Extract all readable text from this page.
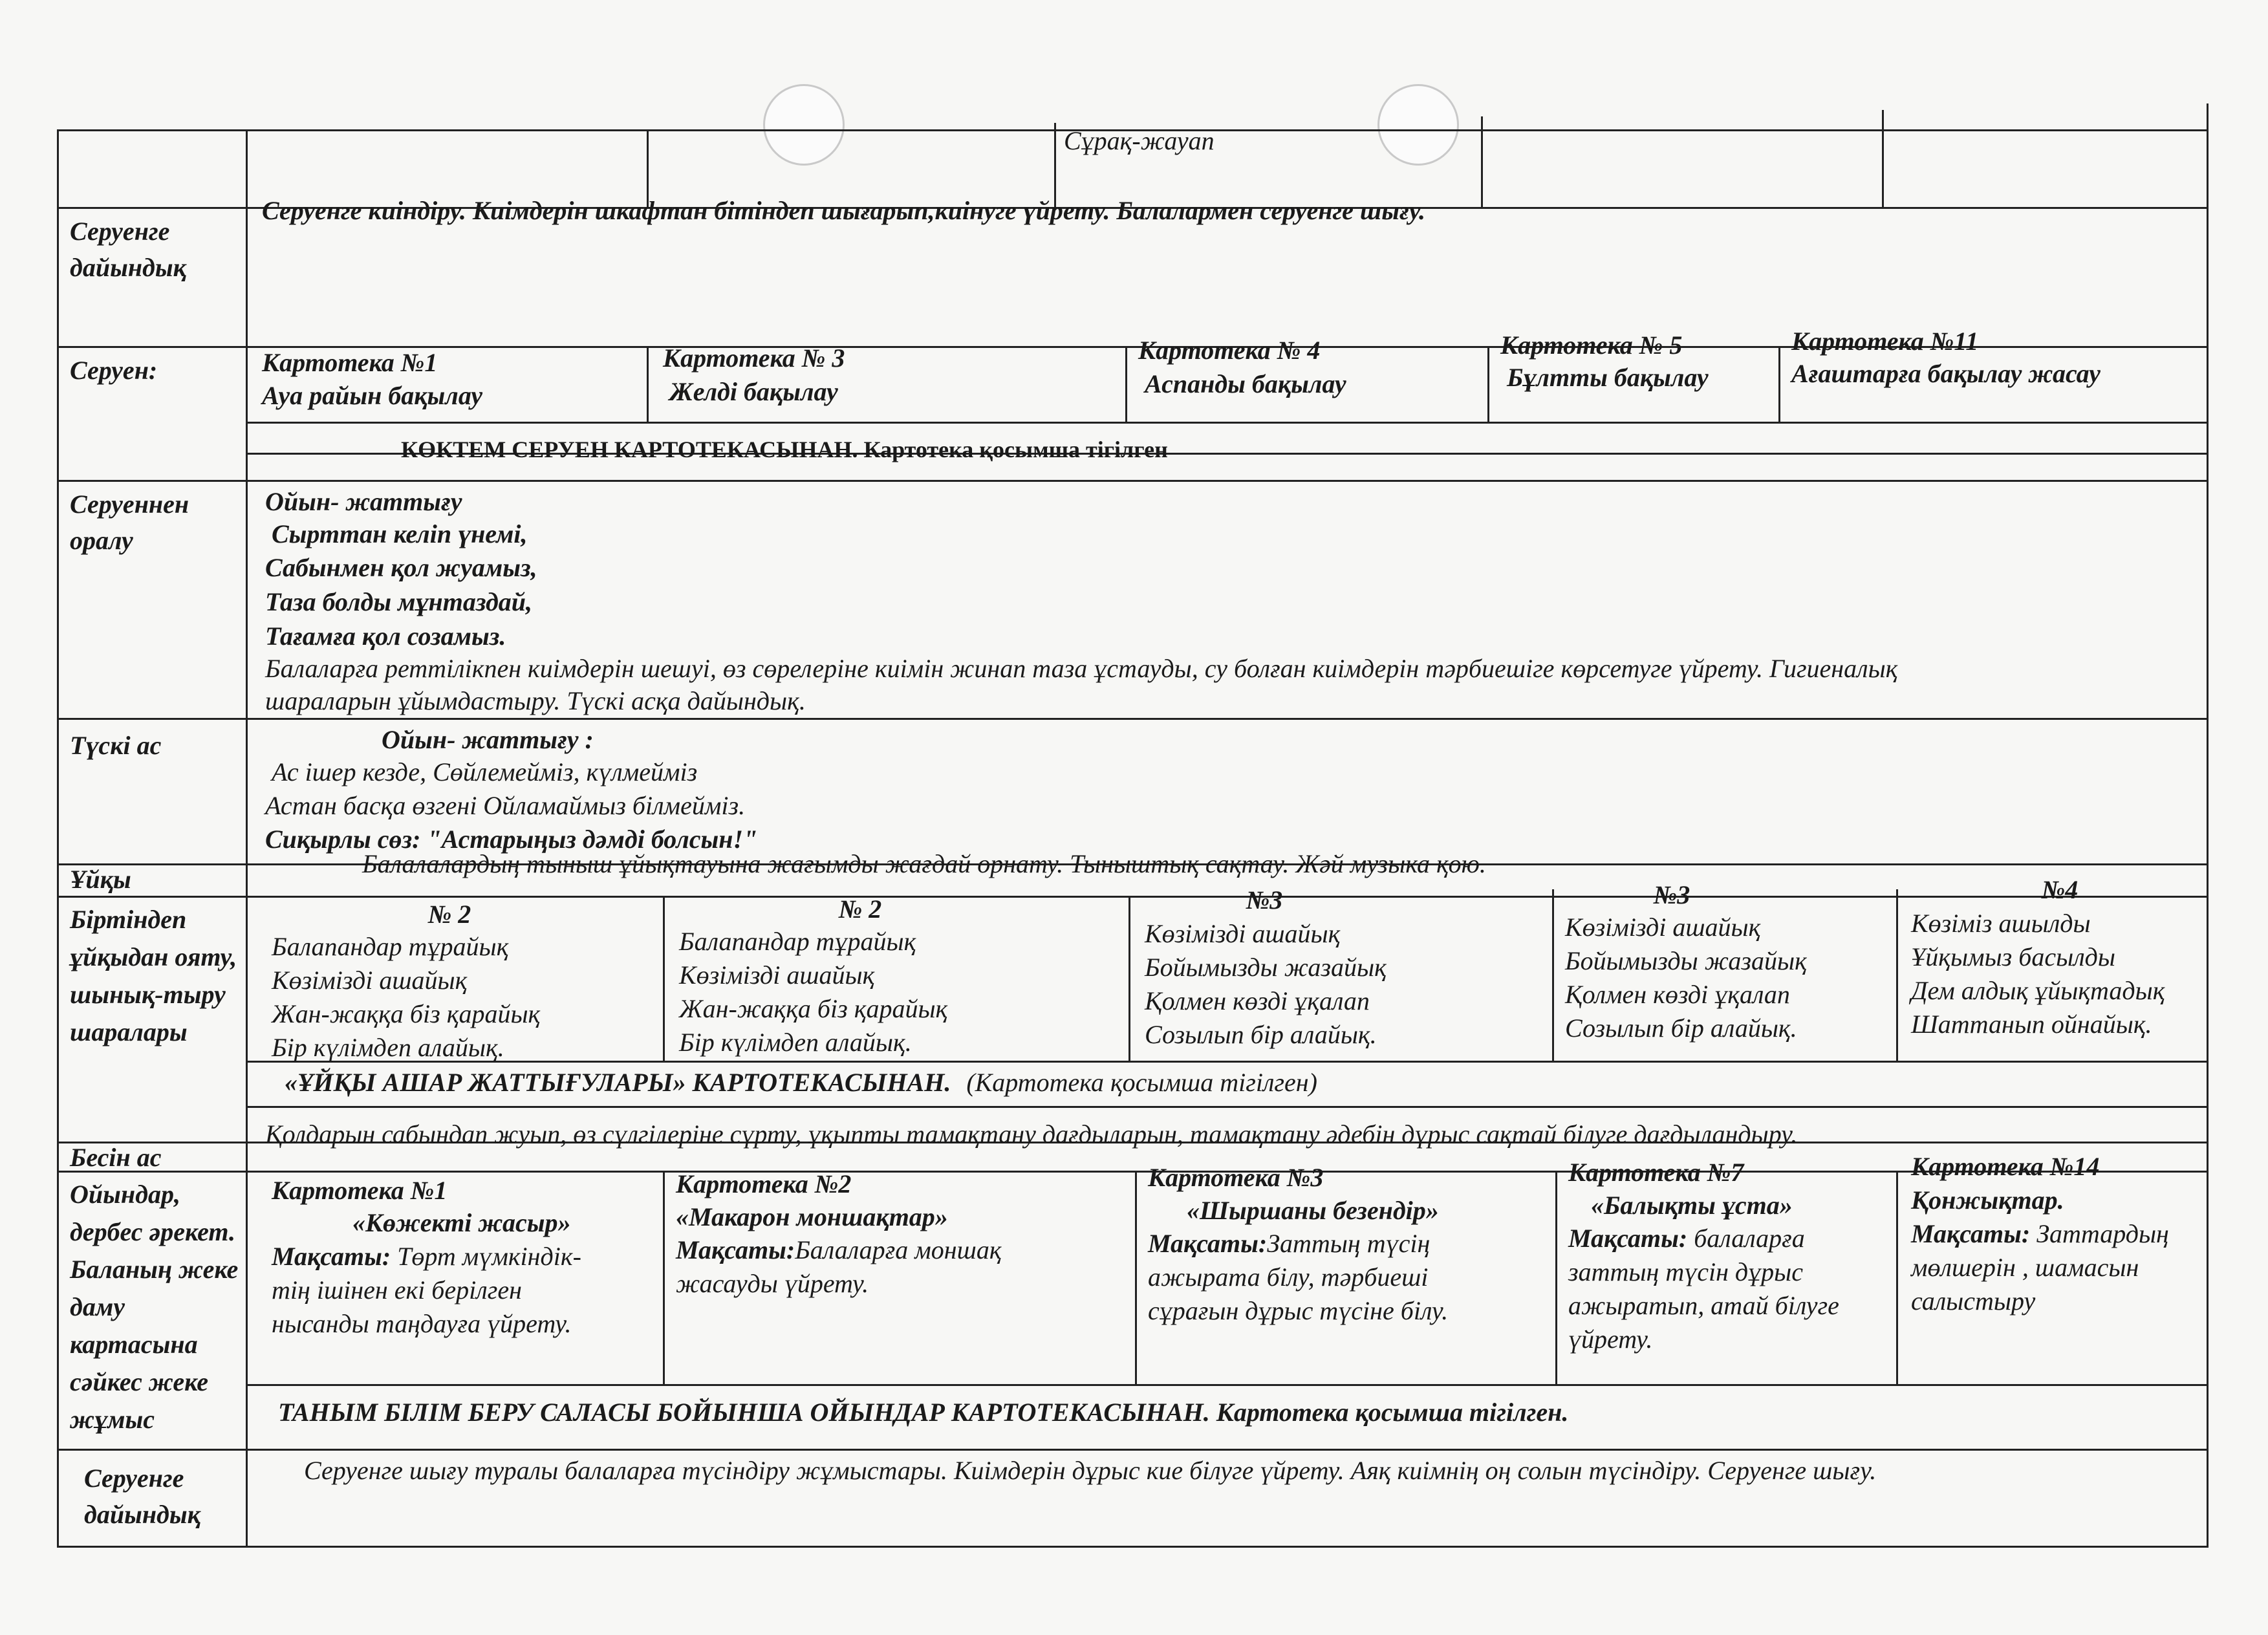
Сұрақ-жауап
Серуенге дайындық
Серуенге киіндіру. Киімдерін шкафтан бітіндеп шығарып,киінуге үйрету. Балалармен серуенге шығу.
Серуен:	Картотека №1
Ауа райын бақылау
Картотека № 3
Желді бақылау
Картотека № 4
Аспанды бақылау
Картотека № 5
Бұлтты бақылау
Картотека №11
Ағаштарға бақылау жасау
КӨКТЕМ СЕРУЕН КАРТОТЕКАСЫНАН. Картотека қосымша тігілген
Серуеннен оралу
Ойын- жаттығу
Сырттан келіп үнемі,
Сабынмен қол жуамыз,
Таза болды мұнтаздай,
Тағамға қол созамыз.
Балаларға реттілікпен киімдерін шешуі, өз сөрелеріне киімін жинап таза ұстауды, су болған киімдерін тәрбиешіге көрсетуге үйрету. Гигиеналық
шараларын ұйымдастыру. Түскі асқа дайындық.
Түскі ас	Ойын- жаттығу :
Ас ішер кезде, Сөйлемейміз, күлмейміз
Астан басқа өзгені Ойламаймыз білмейміз.
Сиқырлы сөз: "Астарыңыз дәмді болсын!"
Ұйқы
Балалалардың тыныш ұйықтауына жағымды жағдай орнату. Тыныштық сақтау. Жәй музыка қою.
Біртіндеп ұйқыдан ояту, шынық-тыру шаралары
№ 2
Балапандар тұрайық
Көзімізді ашайық
Жан-жаққа біз қарайық
Бір күлімдеп алайық.
№ 2
Балапандар тұрайық
Көзімізді ашайық
Жан-жаққа біз қарайық
Бір күлімдеп алайық.
№3
Көзімізді ашайық
Бойымызды жазайық
Қолмен көзді ұқалап
Созылып бір алайық.
№3
Көзімізді ашайық
Бойымызды жазайық
Қолмен көзді ұқалап
Созылып бір алайық.
№4
Көзіміз ашылды
Ұйқымыз басылды
Дем алдық ұйықтадық
Шаттанып ойнайық.
«ҰЙҚЫ АШАР ЖАТТЫҒУЛАРЫ» КАРТОТЕКАСЫНАН. (Картотека қосымша тігілген)
Бесін ас
Қолдарын сабындап жуып, өз сүлгілеріне сүрту, ұқыпты тамақтану дағдыларын, тамақтану әдебін дұрыс сақтай білуге дағдыландыру.
Ойындар, дербес әрекет. Баланың жеке даму картасына сәйкес жеке жұмыс
Картотека №1
«Көжекті жасыр»
Мақсаты: Төрт мүмкіндік-
тің ішінен екі берілген
нысанды таңдауға үйрету.
Картотека №2
«Макарон моншақтар»
Мақсаты:Балаларға моншақ
жасауды үйрету.
Картотека №3
«Шыршаны безендір»
Мақсаты:Заттың түсің
ажырата білу, тәрбиеші
сұрағын дұрыс түсіне білу.
Картотека №7
«Балықты ұста»
Мақсаты: балаларға
заттың түсін дұрыс
ажыратып, атай білуге
үйрету.
Картотека №14
Қонжықтар.
Мақсаты: Заттардың
мөлшерін , шамасын
салыстыру
ТАНЫМ БІЛІМ БЕРУ САЛАСЫ БОЙЫНША ОЙЫНДАР КАРТОТЕКАСЫНАН. Картотека қосымша тігілген.
Серуенге дайындық
Серуенге шығу туралы балаларға түсіндіру жұмыстары. Киімдерін дұрыс кие білуге үйрету. Аяқ киімнің оң солын түсіндіру. Серуенге шығу.
